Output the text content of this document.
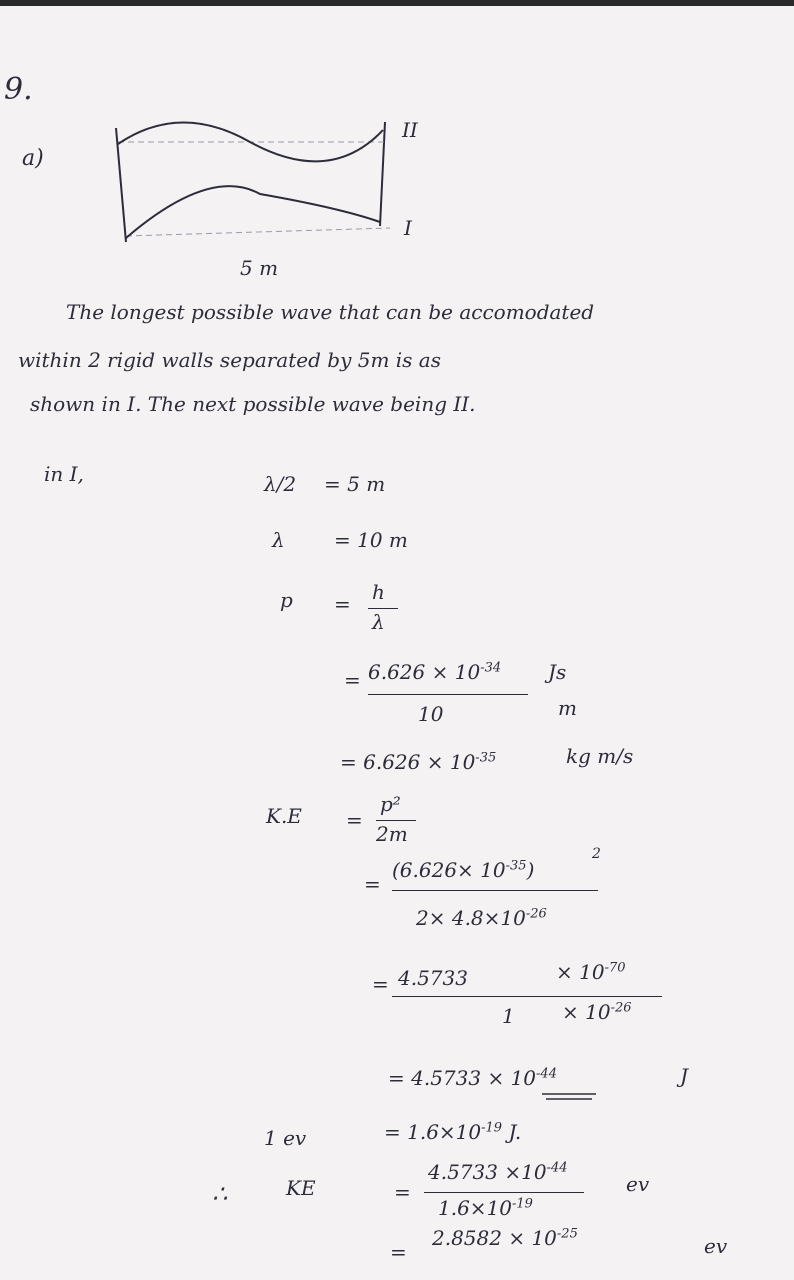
9.
a)
II
I
5 m
The longest possible wave that can be accomodated
within 2 rigid walls separated by 5m is as
shown in I. The next possible wave being II.
in I,	λ/2 = 5 m
λ = 10 m
p = h
λ
= $6.626 \times 10^{-34}$ Js
10	m
= $6.626 \times 10^{-35}$	kg m/s
K.E =
p²
2m
=
$(6.626\times 10^{-35})$
2
$2\times 4.8\times 10^{-26}$
= 4.5733	× $10^{-70}$
$1 \times 10^{-26}$
= $4.5733 \times 10^{-44}$	J
1 ev	= $1.6\times 10^{-19}$ J.
∴	KE	=
$4.5733 \times 10^{-44}$
$1.6\times 10^{-19}$
ev
=
$2.8582 \times 10^{-25}$
ev
